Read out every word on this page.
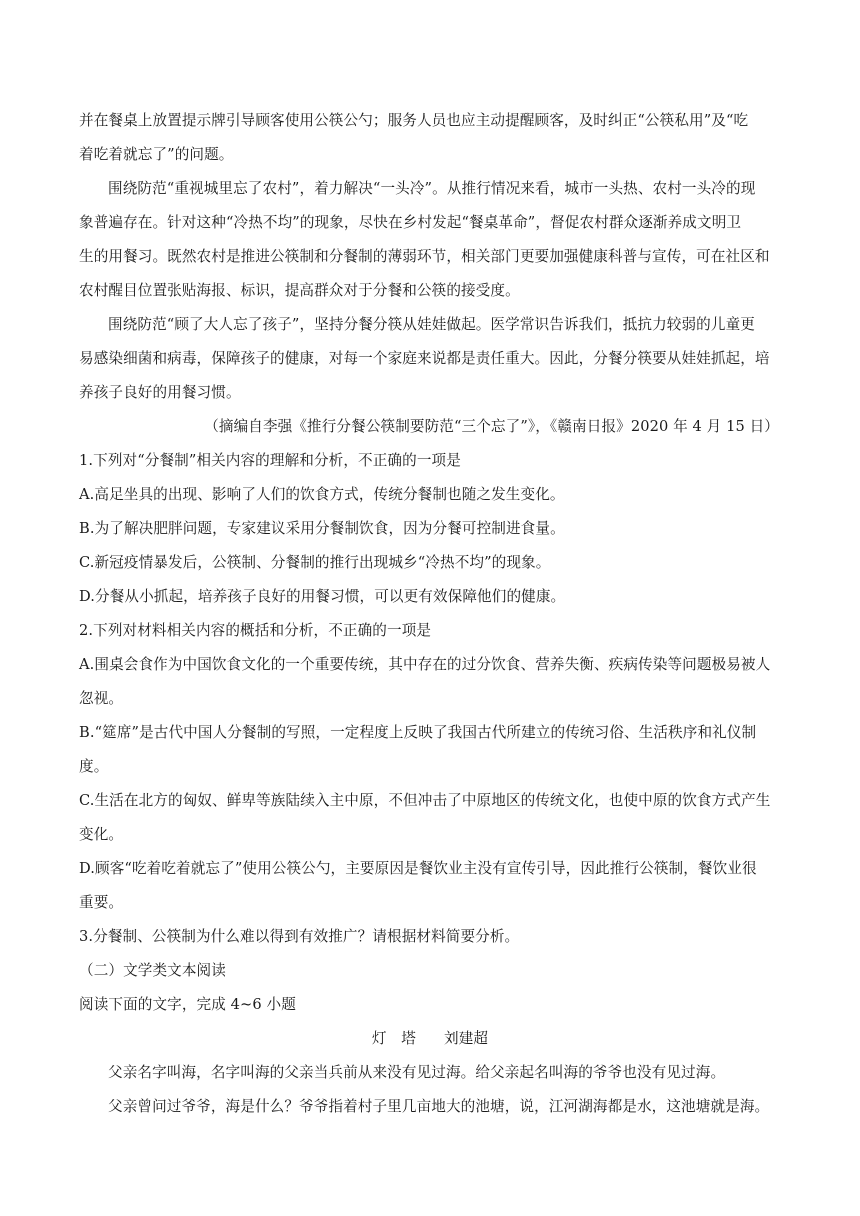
并在餐桌上放置提示牌引导顾客使用公筷公勺；服务人员也应主动提醒顾客，及时纠正“公筷私用”及“吃

着吃着就忘了”的问题。

围绕防范“重视城里忘了农村”，着力解决“一头冷”。从推行情况来看，城市一头热、农村一头冷的现

象普遍存在。针对这种“冷热不均”的现象，尽快在乡村发起“餐桌革命”，督促农村群众逐渐养成文明卫

生的用餐习。既然农村是推进公筷制和分餐制的薄弱环节，相关部门更要加强健康科普与宣传，可在社区和

农村醒目位置张贴海报、标识，提高群众对于分餐和公筷的接受度。

围绕防范“顾了大人忘了孩子”，坚持分餐分筷从娃娃做起。医学常识告诉我们，抵抗力较弱的儿童更

易感染细菌和病毒，保障孩子的健康，对每一个家庭来说都是责任重大。因此，分餐分筷要从娃娃抓起，培

养孩子良好的用餐习惯。

（摘编自李强《推行分餐公筷制要防范“三个忘了”》，《赣南日报》2020 年 4 月 15 日）

1.下列对“分餐制”相关内容的理解和分析，不正确的一项是

A.高足坐具的出现、影响了人们的饮食方式，传统分餐制也随之发生变化。

B.为了解决肥胖问题，专家建议采用分餐制饮食，因为分餐可控制进食量。

C.新冠疫情暴发后，公筷制、分餐制的推行出现城乡“冷热不均”的现象。

D.分餐从小抓起，培养孩子良好的用餐习惯，可以更有效保障他们的健康。

2.下列对材料相关内容的概括和分析，不正确的一项是

A.围桌会食作为中国饮食文化的一个重要传统，其中存在的过分饮食、营养失衡、疾病传染等问题极易被人

忽视。

B.“筵席”是古代中国人分餐制的写照，一定程度上反映了我国古代所建立的传统习俗、生活秩序和礼仪制

度。

C.生活在北方的匈奴、鲜卑等族陆续入主中原，不但冲击了中原地区的传统文化，也使中原的饮食方式产生

变化。

D.顾客“吃着吃着就忘了”使用公筷公勺，主要原因是餐饮业主没有宣传引导，因此推行公筷制，餐饮业很

重要。

3.分餐制、公筷制为什么难以得到有效推广？请根据材料简要分析。

（二）文学类文本阅读

阅读下面的文字，完成 4~6 小题

灯　塔 刘建超

父亲名字叫海，名字叫海的父亲当兵前从来没有见过海。给父亲起名叫海的爷爷也没有见过海。

父亲曾问过爷爷，海是什么？爷爷指着村子里几亩地大的池塘，说，江河湖海都是水，这池塘就是海。
